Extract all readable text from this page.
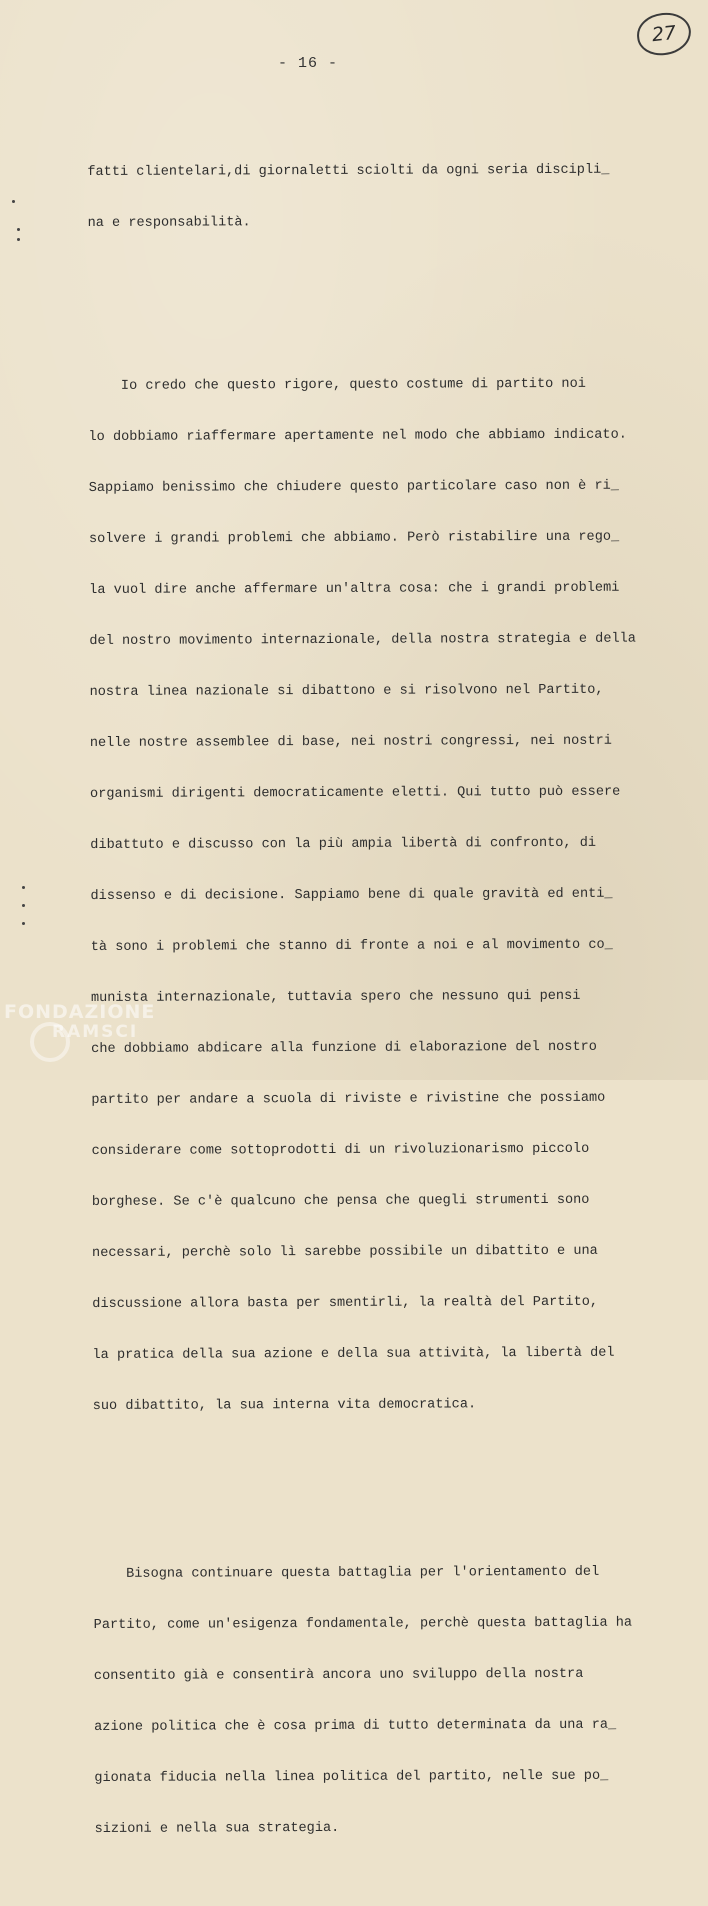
27
- 16 -

fatti clientelari,di giornaletti sciolti da ogni seria discipli_

na e responsabilità.

Io credo che questo rigore, questo costume di partito noi

lo dobbiamo riaffermare apertamente nel modo che abbiamo indicato.

Sappiamo benissimo che chiudere questo particolare caso non è ri_

solvere i grandi problemi che abbiamo. Però ristabilire una rego_

la vuol dire anche affermare un'altra cosa: che i grandi problemi

del nostro movimento internazionale, della nostra strategia e della

nostra linea nazionale si dibattono e si risolvono nel Partito,

nelle nostre assemblee di base, nei nostri congressi, nei nostri

organismi dirigenti democraticamente eletti. Qui tutto può essere

dibattuto e discusso con la più ampia libertà di confronto, di

dissenso e di decisione. Sappiamo bene di quale gravità ed enti_

tà sono i problemi che stanno di fronte a noi e al movimento co_

munista internazionale, tuttavia spero che nessuno qui pensi

che dobbiamo abdicare alla funzione di elaborazione del nostro

partito per andare a scuola di riviste e rivistine che possiamo

considerare come sottoprodotti di un rivoluzionarismo piccolo

borghese. Se c'è qualcuno che pensa che quegli strumenti sono

necessari, perchè solo lì sarebbe possibile un dibattito e una

discussione allora basta per smentirli, la realtà del Partito,

la pratica della sua azione e della sua attività, la libertà del

suo dibattito, la sua interna vita democratica.

Bisogna continuare questa battaglia per l'orientamento del

Partito, come un'esigenza fondamentale, perchè questa battaglia ha

consentito già e consentirà ancora uno sviluppo della nostra

azione politica che è cosa prima di tutto determinata da una ra_

gionata fiducia nella linea politica del partito, nelle sue po_

sizioni e nella sua strategia.

FONDAZIONE
RAMSCI
